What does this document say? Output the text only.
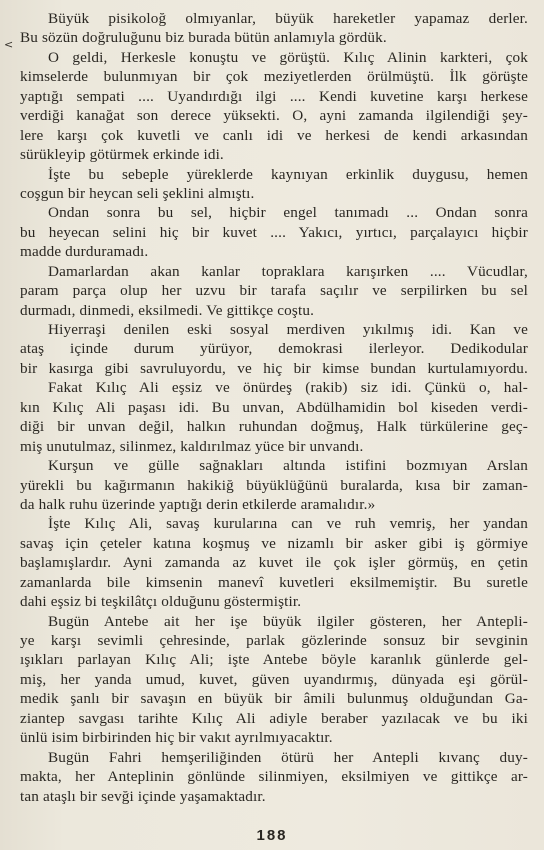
<
Büyük pisikoloğ olmıyanlar, büyük hareketler yapamaz derler.
Bu sözün doğruluğunu biz burada bütün anlamıyla gördük.
O geldi, Herkesle konuştu ve görüştü. Kılıç Alinin karkteri, çok
kimselerde bulunmıyan bir çok meziyetlerden örülmüştü. İlk görüşte
yaptığı sempati .... Uyandırdığı ilgi .... Kendi kuvetine karşı herkese
verdiği kanağat son derece yüksekti. O, ayni zamanda ilgilendiği şey-
lere karşı çok kuvetli ve canlı idi ve herkesi de kendi arkasından
sürükleyip götürmek erkinde idi.
İşte bu sebeple yüreklerde kaynıyan erkinlik duygusu, hemen
coşgun bir heycan seli şeklini almıştı.
Ondan sonra bu sel, hiçbir engel tanımadı ... Ondan sonra
bu heyecan selini hiç bir kuvet .... Yakıcı, yırtıcı, parçalayıcı hiçbir
madde durduramadı.
Damarlardan akan kanlar topraklara karışırken .... Vücudlar,
param parça olup her uzvu bir tarafa saçılır ve serpilirken bu sel
durmadı, dinmedi, eksilmedi. Ve gittikçe coştu.
Hiyerraşi denilen eski sosyal merdiven yıkılmış idi. Kan ve
ataş içinde durum yürüyor, demokrasi ilerleyor. Dedikodular
bir kasırga gibi savruluyordu, ve hiç bir kimse bundan kurtulamıyordu.
Fakat Kılıç Ali eşsiz ve önürdeş (rakib) siz idi. Çünkü o, hal-
kın Kılıç Ali paşası idi. Bu unvan, Abdülhamidin bol kiseden verdi-
diği bir unvan değil, halkın ruhundan doğmuş, Halk türkülerine geç-
miş unutulmaz, silinmez, kaldırılmaz yüce bir unvandı.
Kurşun ve gülle sağnakları altında istifini bozmıyan Arslan
yürekli bu kağırmanın hakikiğ büyüklüğünü buralarda, kısa bir zaman-
da halk ruhu üzerinde yaptığı derin etkilerde aramalıdır.»
İşte Kılıç Ali, savaş kurularına can ve ruh vemriş, her yandan
savaş için çeteler katına koşmuş ve nizamlı bir asker gibi iş görmiye
başlamışlardır. Ayni zamanda az kuvet ile çok işler görmüş, en çetin
zamanlarda bile kimsenin manevî kuvetleri eksilmemiştir. Bu suretle
dahi eşsiz bi teşkilâtçı olduğunu göstermiştir.
Bugün Antebe ait her işe büyük ilgiler gösteren, her Antepli-
ye karşı sevimli çehresinde, parlak gözlerinde sonsuz bir sevginin
ışıkları parlayan Kılıç Ali; işte Antebe böyle karanlık günlerde gel-
miş, her yanda umud, kuvet, güven uyandırmış, dünyada eşi görül-
medik şanlı bir savaşın en büyük bir âmili bulunmuş olduğundan Ga-
ziantep savgası tarihte Kılıç Ali adiyle beraber yazılacak ve bu iki
ünlü isim birbirinden hiç bir vakıt ayrılmıyacaktır.
Bugün Fahri hemşeriliğinden ötürü her Antepli kıvanç duy-
makta, her Anteplinin gönlünde silinmiyen, eksilmiyen ve gittikçe ar-
tan ataşlı bir sevği içinde yaşamaktadır.
188
